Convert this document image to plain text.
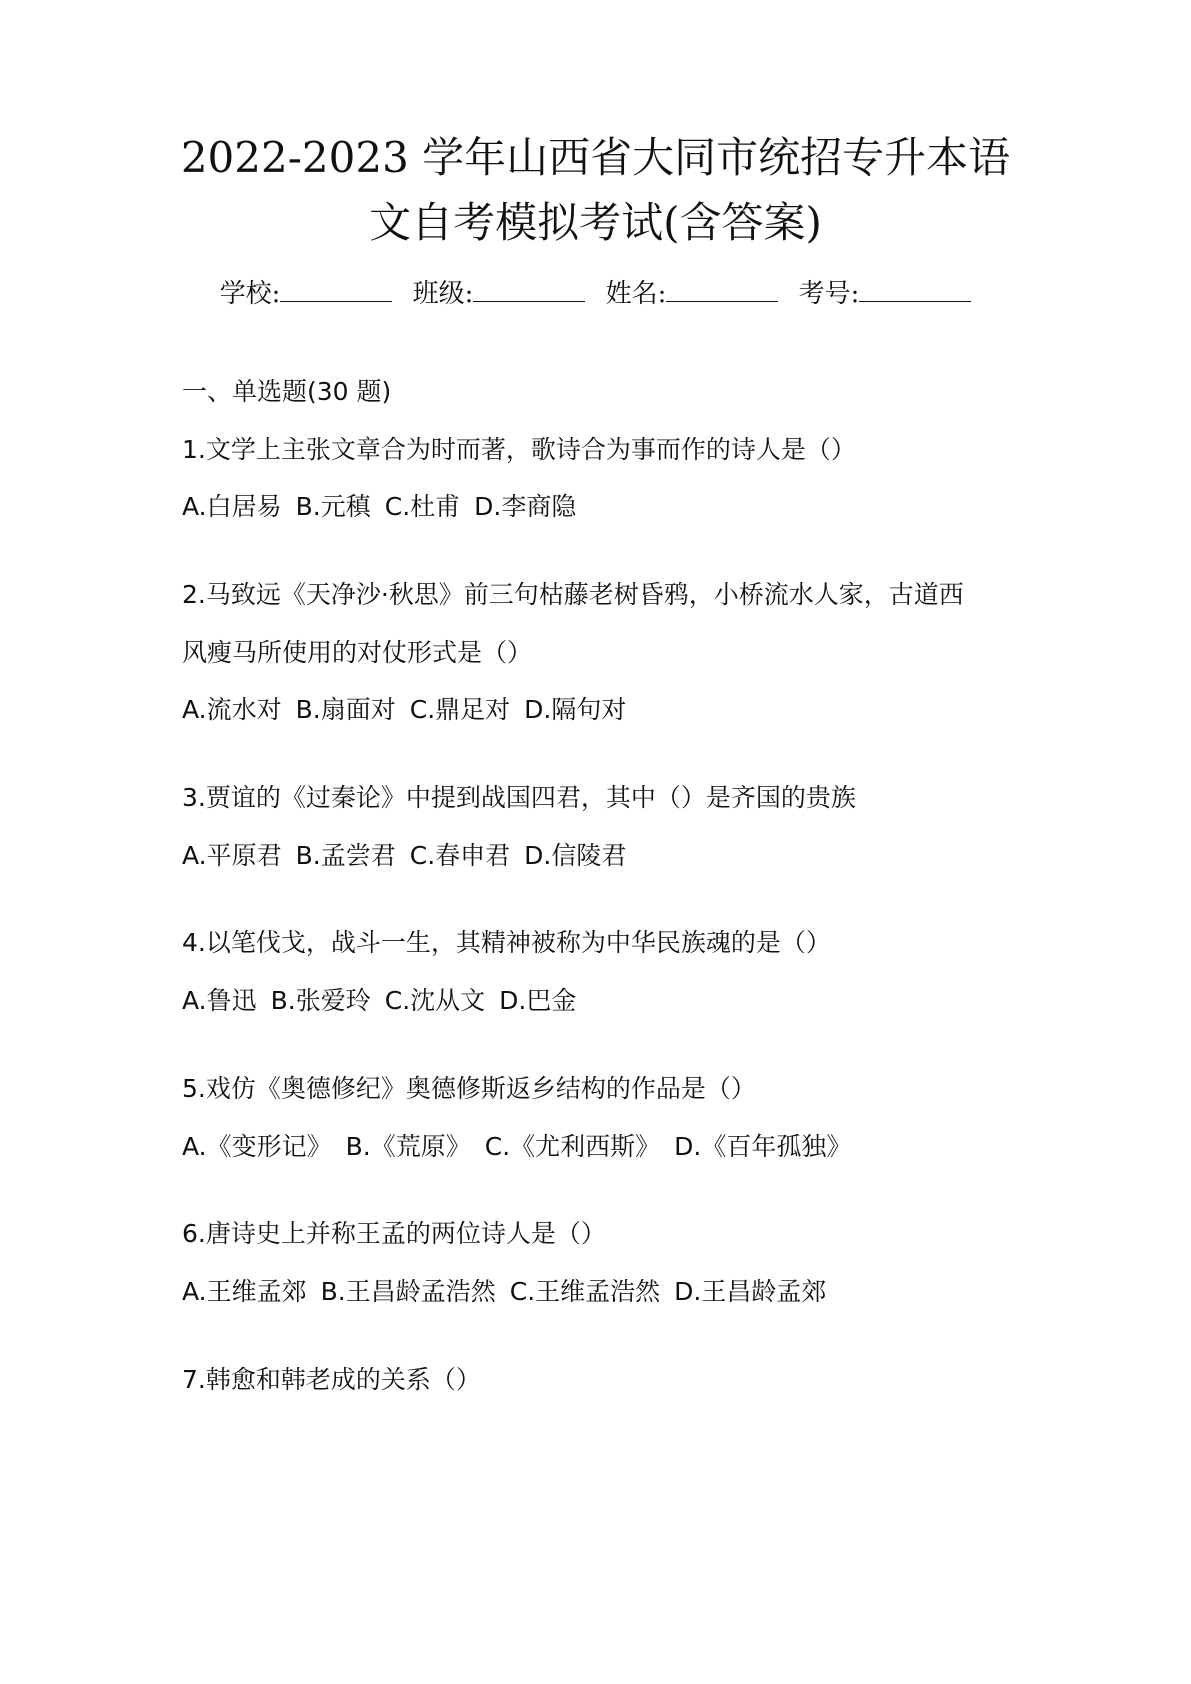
2022-2023 学年山西省大同市统招专升本语
文自考模拟考试(含答案)
学校:	班级:	姓名:	考号:
一、单选题(30 题)
1.文学上主张文章合为时而著，歌诗合为事而作的诗人是（）
A.白居易 B.元稹 C.杜甫 D.李商隐
2.马致远《天净沙·秋思》前三句枯藤老树昏鸦，小桥流水人家，古道西
风瘦马所使用的对仗形式是（）
A.流水对 B.扇面对 C.鼎足对 D.隔句对
3.贾谊的《过秦论》中提到战国四君，其中（）是齐国的贵族
A.平原君 B.孟尝君 C.春申君 D.信陵君
4.以笔伐戈，战斗一生，其精神被称为中华民族魂的是（）
A.鲁迅 B.张爱玲 C.沈从文 D.巴金
5.戏仿《奥德修纪》奥德修斯返乡结构的作品是（）
A.《变形记》 B.《荒原》 C.《尤利西斯》 D.《百年孤独》
6.唐诗史上并称王孟的两位诗人是（）
A.王维孟郊 B.王昌龄孟浩然 C.王维孟浩然 D.王昌龄孟郊
7.韩愈和韩老成的关系（）
